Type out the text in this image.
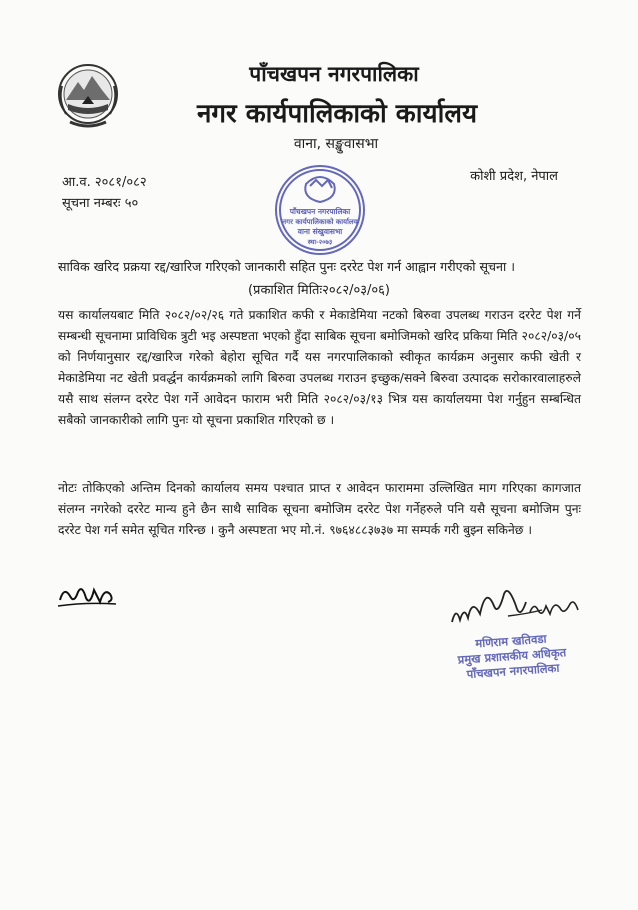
पाँचखपन नगरपालिका
नगर कार्यपालिकाको कार्यालय
वाना, सङ्खुवासभा
आ.व. २०८१/०८२
सूचना नम्बरः ५०
कोशी प्रदेश, नेपाल
पाँचखपन नगरपालिका
नगर कार्यपालिकाको कार्यालय
वाना संखुवासभा
स्था-२०७३
साविक खरिद प्रक्रया रद्द/खारिज गरिएको जानकारी सहित पुनः दररेट पेश गर्न आह्वान गरीएको सूचना ।
(प्रकाशित मितिः२०८२/०३/०६)
यस कार्यालयबाट मिति २०८२/०२/२६ गते प्रकाशित कफी र मेकाडेमिया नटको बिरुवा उपलब्ध गराउन दररेट पेश गर्ने सम्बन्धी सूचनामा प्राविधिक त्रुटी भइ अस्पष्टता भएको हुँदा साबिक सूचना बमोजिमको खरिद प्रकिया मिति २०८२/०३/०५ को निर्णयानुसार रद्द/खारिज गरेको बेहोरा सूचित गर्दै यस नगरपालिकाको स्वीकृत कार्यक्रम अनुसार कफी खेती र मेकाडेमिया नट खेती प्रवर्द्धन कार्यक्रमको लागि बिरुवा उपलब्ध गराउन इच्छुक/सक्ने बिरुवा उत्पादक सरोकारवालाहरुले यसै साथ संलग्न दररेट पेश गर्ने आवेदन फाराम भरी मिति २०८२/०३/१३ भित्र यस कार्यालयमा पेश गर्नुहुन सम्बन्धित सबैको जानकारीको लागि पुनः यो सूचना प्रकाशित गरिएको छ ।
नोटः तोकिएको अन्तिम दिनको कार्यालय समय पश्चात प्राप्त र आवेदन फाराममा उल्लिखित माग गरिएका कागजात संलग्न नगरेको दररेट मान्य हुने छैन साथै साविक सूचना बमोजिम दररेट पेश गर्नेहरुले पनि यसै सूचना बमोजिम पुनः दररेट पेश गर्न समेत सूचित गरिन्छ । कुनै अस्पष्टता भए मो.नं. ९७६४८८३७३७ मा सम्पर्क गरी बुझ्न सकिनेछ ।
मणिराम खतिवडा
प्रमुख प्रशासकीय अधिकृत
पाँचखपन नगरपालिका
